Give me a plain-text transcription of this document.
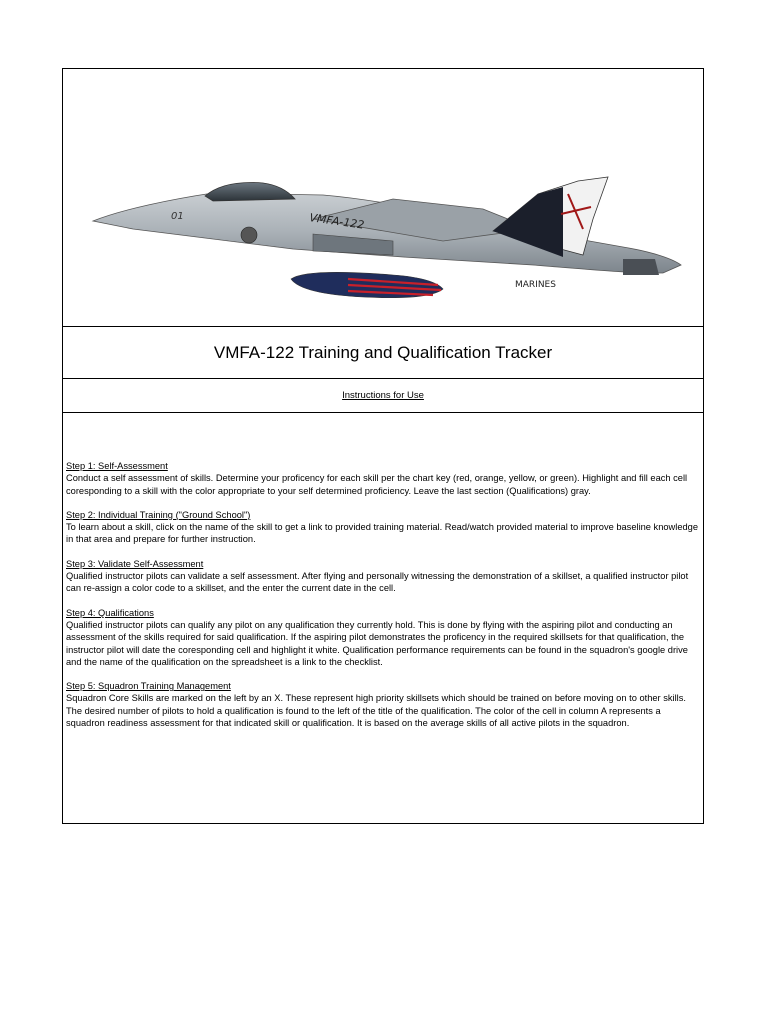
01	VMFA-122
MARINES
VMFA-122 Training and Qualification Tracker
Instructions for Use
Step 1: Self-Assessment
Conduct a self assessment of skills. Determine your proficency for each skill per the chart key (red, orange, yellow, or green). Highlight and fill each cell coresponding to a skill with the color appropriate to your self determined proficiency. Leave the last section (Qualifications) gray.
Step 2: Individual Training ("Ground School")
To learn about a skill, click on the name of the skill to get a link to provided training material. Read/watch provided material to improve baseline knowledge in that area and prepare for further instruction.
Step 3: Validate Self-Assessment
Qualified instructor pilots can validate a self assessment. After flying and personally witnessing the demonstration of a skillset, a qualified instructor pilot can re-assign a color code to a skillset, and the enter the current date in the cell.
Step 4: Qualifications
Qualified instructor pilots can qualify any pilot on any qualification they currently hold. This is done by flying with the aspiring pilot and conducting an assessment of the skills required for said qualification. If the aspiring pilot demonstrates the proficency in the required skillsets for that qualification, the instructor pilot will date the coresponding cell and highlight it white. Qualification performance requirements can be found in the squadron's google drive and the name of the qualification on the spreadsheet is a link to the checklist.
Step 5: Squadron Training Management
Squadron Core Skills are marked on the left by an X. These represent high priority skillsets which should be trained on before moving on to other skills. The desired number of pilots to hold a qualification is found to the left of the title of the qualification. The color of the cell in column A represents a squadron readiness assessment for that indicated skill or qualification. It is based on the average skills of all active pilots in the squadron.
